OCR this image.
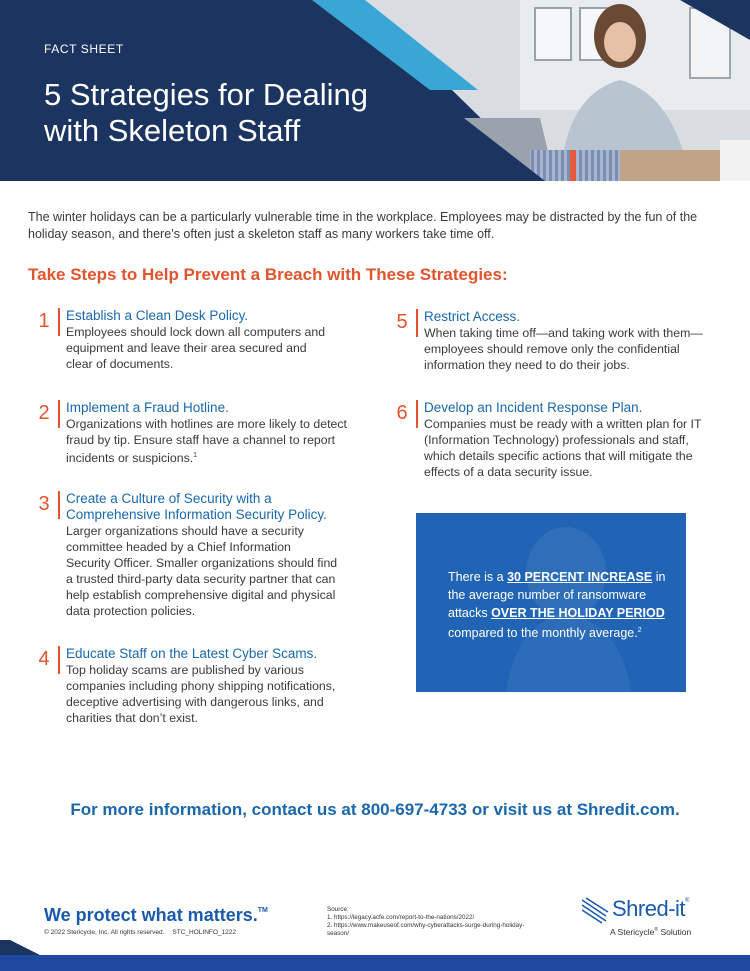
FACT SHEET
5 Strategies for Dealing with Skeleton Staff

The winter holidays can be a particularly vulnerable time in the workplace. Employees may be distracted by the fun of the holiday season, and there’s often just a skeleton staff as many workers take time off.

Take Steps to Help Prevent a Breach with These Strategies:
1 Establish a Clean Desk Policy.
Employees should lock down all computers and equipment and leave their area secured and clear of documents.
2 Implement a Fraud Hotline.
Organizations with hotlines are more likely to detect fraud by tip. Ensure staff have a channel to report incidents or suspicions.$^1$
3 Create a Culture of Security with a Comprehensive Information Security Policy.
Larger organizations should have a security committee headed by a Chief Information Security Officer. Smaller organizations should find a trusted third-party data security partner that can help establish comprehensive digital and physical data protection policies.
4 Educate Staff on the Latest Cyber Scams.
Top holiday scams are published by various companies including phony shipping notifications, deceptive advertising with dangerous links, and charities that don’t exist.
5 Restrict Access.
When taking time off—and taking work with them—employees should remove only the confidential information they need to do their jobs.
6 Develop an Incident Response Plan.
Companies must be ready with a written plan for IT (Information Technology) professionals and staff, which details specific actions that will mitigate the effects of a data security issue.
There is a 30 PERCENT INCREASE in the average number of ransomware attacks OVER THE HOLIDAY PERIOD compared to the monthly average.$^2$
For more information, contact us at 800-697-4733 or visit us at Shredit.com.
We protect what matters.™
© 2022 Stericycle, Inc. All rights reserved. STC_HOLINFO_1222
Source:
1. https://legacy.acfe.com/report-to-the-nations/2022/
2. https://www.makeuseof.com/why-cyberattacks-surge-during-holiday-season/
Shred-it®
A Stericycle® Solution
